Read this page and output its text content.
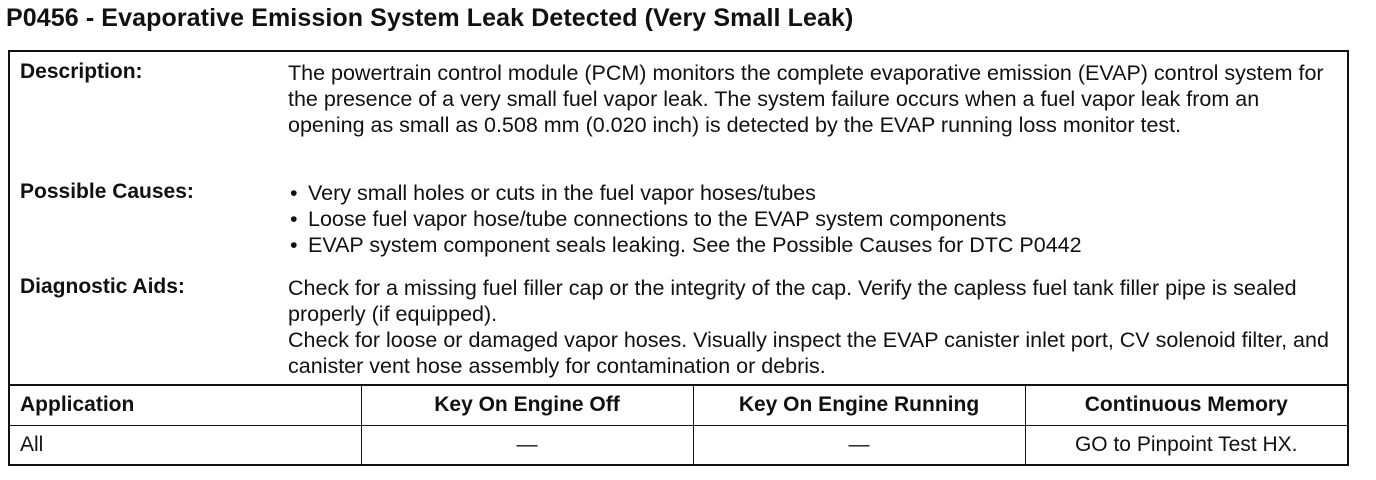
P0456 - Evaporative Emission System Leak Detected (Very Small Leak)
Description:	The powertrain control module (PCM) monitors the complete evaporative emission (EVAP) control system for the presence of a very small fuel vapor leak. The system failure occurs when a fuel vapor leak from an opening as small as 0.508 mm (0.020 inch) is detected by the EVAP running loss monitor test.

Possible Causes:	• Very small holes or cuts in the fuel vapor hoses/tubes
• Loose fuel vapor hose/tube connections to the EVAP system components
• EVAP system component seals leaking. See the Possible Causes for DTC P0442
Diagnostic Aids:	Check for a missing fuel filler cap or the integrity of the cap. Verify the capless fuel tank filler pipe is sealed properly (if equipped).

Check for loose or damaged vapor hoses. Visually inspect the EVAP canister inlet port, CV solenoid filter, and canister vent hose assembly for contamination or debris.

Application	Key On Engine Off	Key On Engine Running	Continuous Memory
All	—	—	GO to Pinpoint Test HX.
